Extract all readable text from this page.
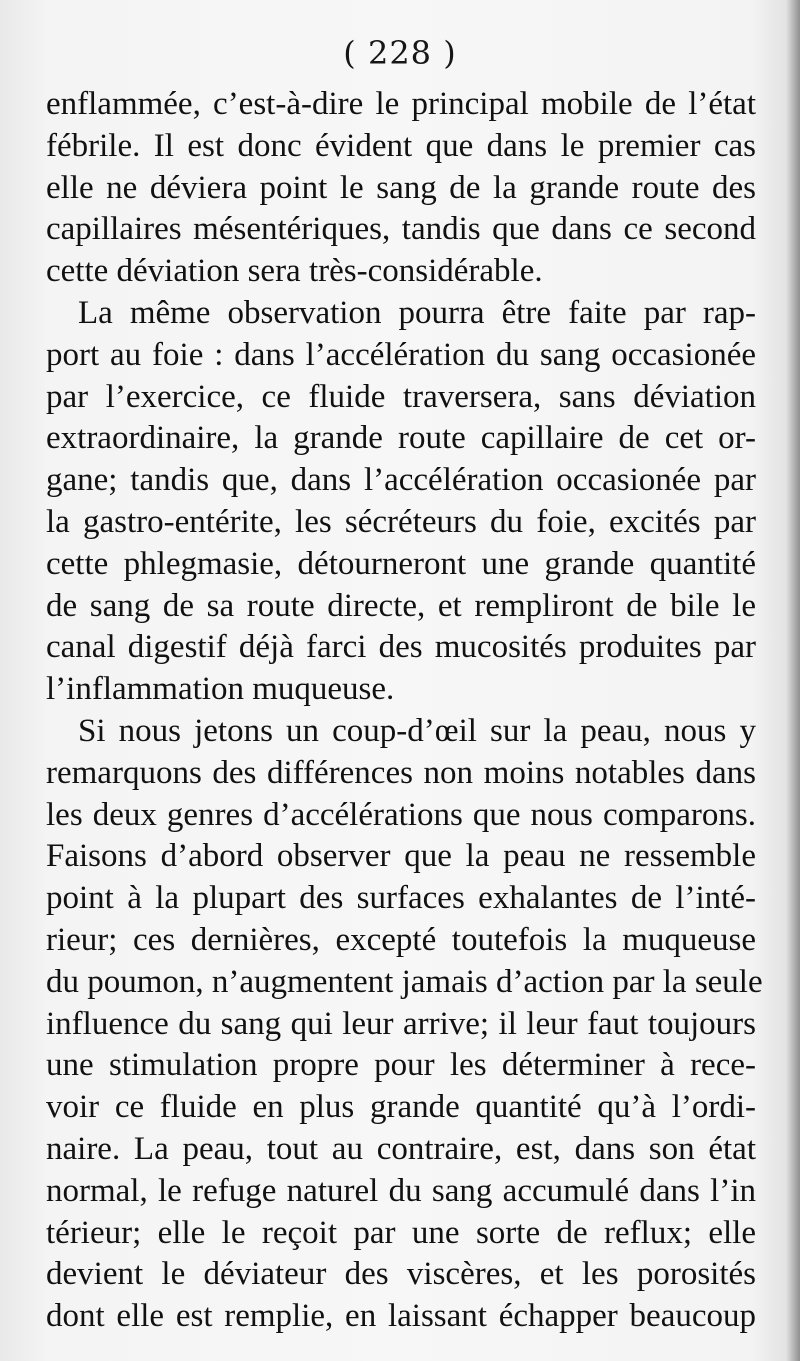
( 228 )
enflammée, c’est-à-dire le principal mobile de l’état
fébrile. Il est donc évident que dans le premier cas
elle ne déviera point le sang de la grande route des
capillaires mésentériques, tandis que dans ce second
cette déviation sera très-considérable.
La même observation pourra être faite par rap-
port au foie : dans l’accélération du sang occasionée
par l’exercice, ce fluide traversera, sans déviation
extraordinaire, la grande route capillaire de cet or-
gane; tandis que, dans l’accélération occasionée par
la gastro-entérite, les sécréteurs du foie, excités par
cette phlegmasie, détourneront une grande quantité
de sang de sa route directe, et rempliront de bile le
canal digestif déjà farci des mucosités produites par
l’inflammation muqueuse.
Si nous jetons un coup-d’œil sur la peau, nous y
remarquons des différences non moins notables dans
les deux genres d’accélérations que nous comparons.
Faisons d’abord observer que la peau ne ressemble
point à la plupart des surfaces exhalantes de l’inté-
rieur; ces dernières, excepté toutefois la muqueuse
du poumon, n’augmentent jamais d’action par la seule
influence du sang qui leur arrive; il leur faut toujours
une stimulation propre pour les déterminer à rece-
voir ce fluide en plus grande quantité qu’à l’ordi-
naire. La peau, tout au contraire, est, dans son état
normal, le refuge naturel du sang accumulé dans l’in
térieur; elle le reçoit par une sorte de reflux; elle
devient le déviateur des viscères, et les porosités
dont elle est remplie, en laissant échapper beaucoup
